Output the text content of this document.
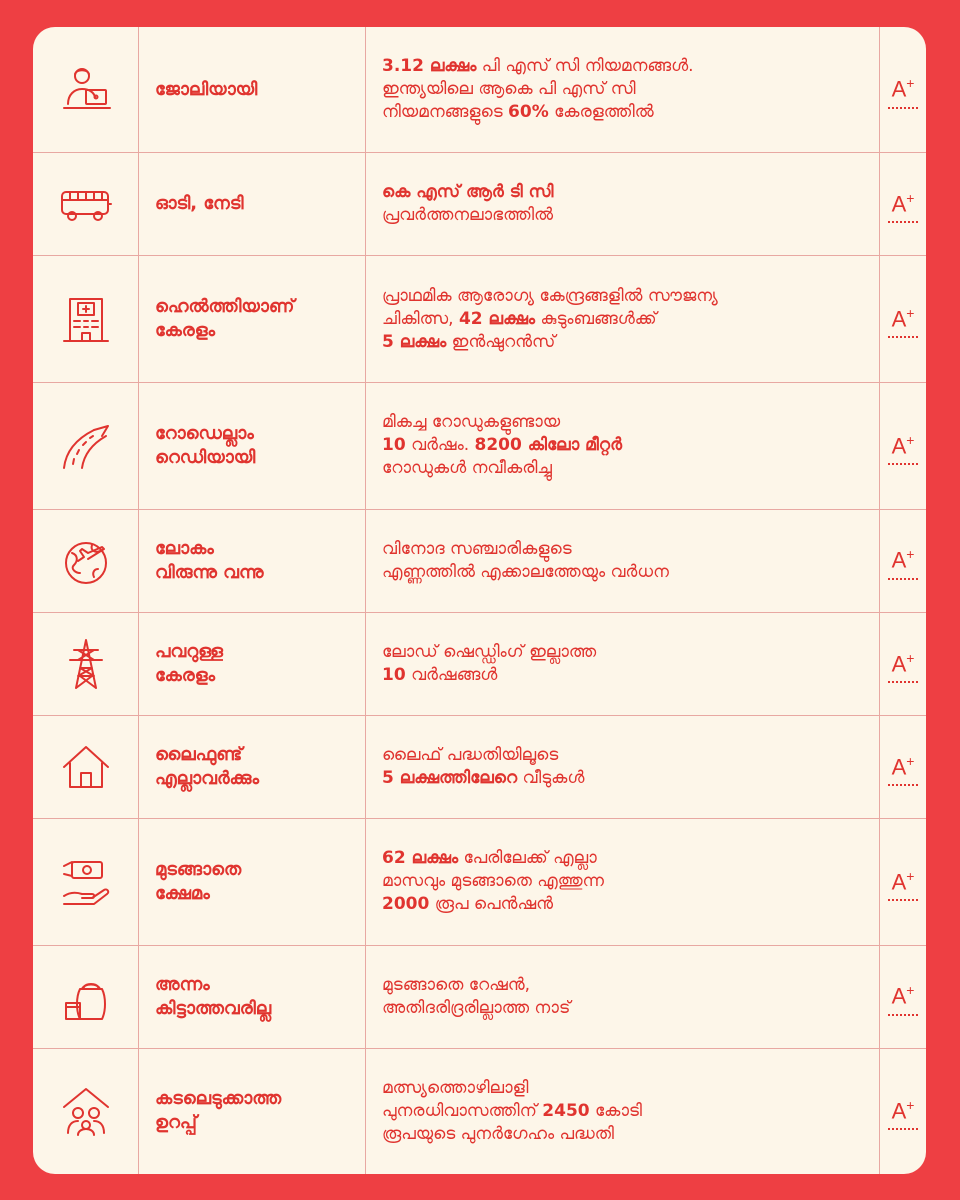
ജോലിയായി	3.12 ലക്ഷം പി എസ് സി നിയമനങ്ങൾ.
ഇന്ത്യയിലെ ആകെ പി എസ് സി
നിയമനങ്ങളുടെ 60% കേരളത്തിൽ	A+

ഓടി, നേടി	കെ എസ് ആർ ടി സി
പ്രവർത്തനലാഭത്തിൽ	A+

ഹെൽത്തിയാണ്
കേരളം	പ്രാഥമിക ആരോഗ്യ കേന്ദ്രങ്ങളിൽ സൗജന്യ
ചികിത്സ, 42 ലക്ഷം കുടുംബങ്ങൾക്ക്
5 ലക്ഷം ഇൻഷുറൻസ്	A+

റോഡെല്ലാം
റെഡിയായി	മികച്ച റോഡുകളുണ്ടായ
10 വർഷം. 8200 കിലോ മീറ്റർ
റോഡുകൾ നവീകരിച്ചു	A+

ലോകം
വിരുന്നു വന്നു	വിനോദ സഞ്ചാരികളുടെ
എണ്ണത്തിൽ എക്കാലത്തേയും വർധന	A+

പവറുള്ള
കേരളം	ലോഡ് ഷെഡ്ഡിംഗ് ഇല്ലാത്ത
10 വർഷങ്ങൾ	A+

ലൈഫുണ്ട്
എല്ലാവർക്കും	ലൈഫ് പദ്ധതിയിലൂടെ
5 ലക്ഷത്തിലേറെ വീടുകൾ	A+

മുടങ്ങാതെ
ക്ഷേമം	62 ലക്ഷം പേരിലേക്ക് എല്ലാ
മാസവും മുടങ്ങാതെ എത്തുന്ന
2000 രൂപ പെൻഷൻ	A+

അന്നം
കിട്ടാത്തവരില്ല	മുടങ്ങാതെ റേഷൻ,
അതിദരിദ്രരില്ലാത്ത നാട്	A+

കടലെടുക്കാത്ത
ഉറപ്പ്	മത്സ്യത്തൊഴിലാളി
പുനരധിവാസത്തിന് 2450 കോടി
രൂപയുടെ പുനർഗേഹം പദ്ധതി	A+
